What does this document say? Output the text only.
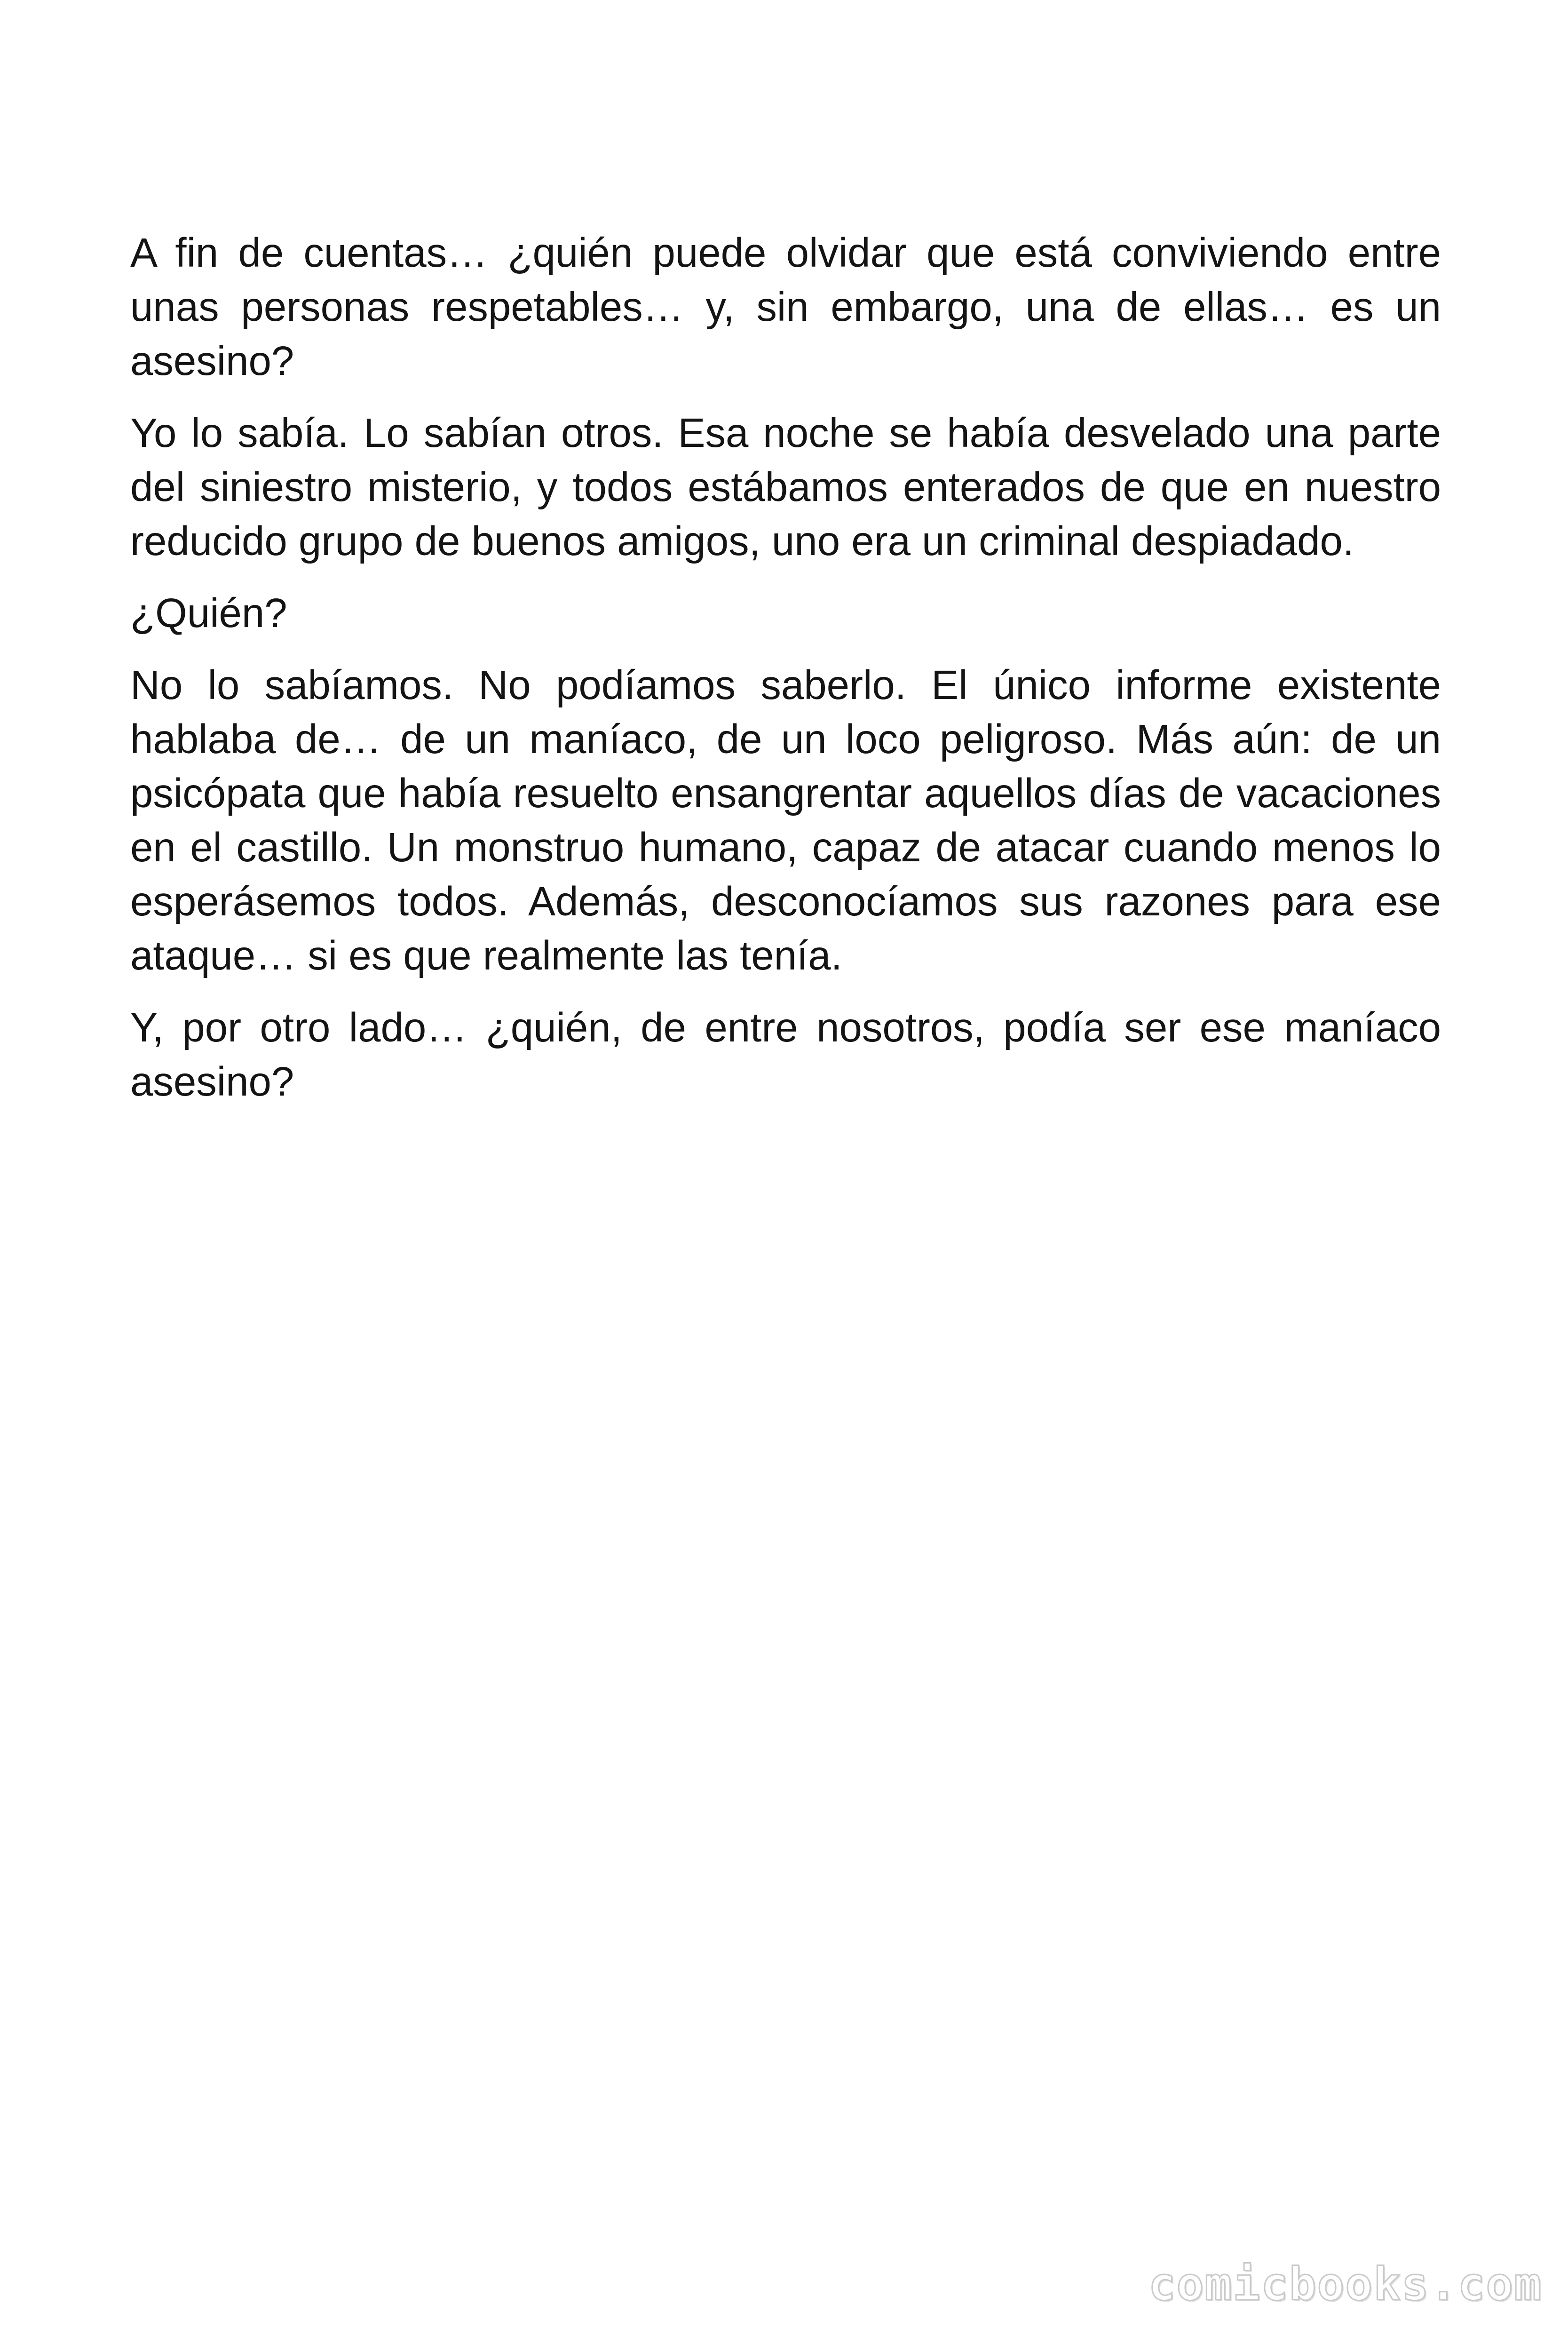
A fin de cuentas… ¿quién puede olvidar que está conviviendo entre unas personas respetables… y, sin embargo, una de ellas… es un asesino?

Yo lo sabía. Lo sabían otros. Esa noche se había desvelado una parte del siniestro misterio, y todos estábamos enterados de que en nuestro reducido grupo de buenos amigos, uno era un criminal despiadado.

¿Quién?

No lo sabíamos. No podíamos saberlo. El único informe existente hablaba de… de un maníaco, de un loco peligroso. Más aún: de un psicópata que había resuelto ensangrentar aquellos días de vacaciones en el castillo. Un monstruo humano, capaz de atacar cuando menos lo esperásemos todos. Además, desconocíamos sus razones para ese ataque… si es que realmente las tenía.

Y, por otro lado… ¿quién, de entre nosotros, podía ser ese maníaco asesino?

comicbooks.com
